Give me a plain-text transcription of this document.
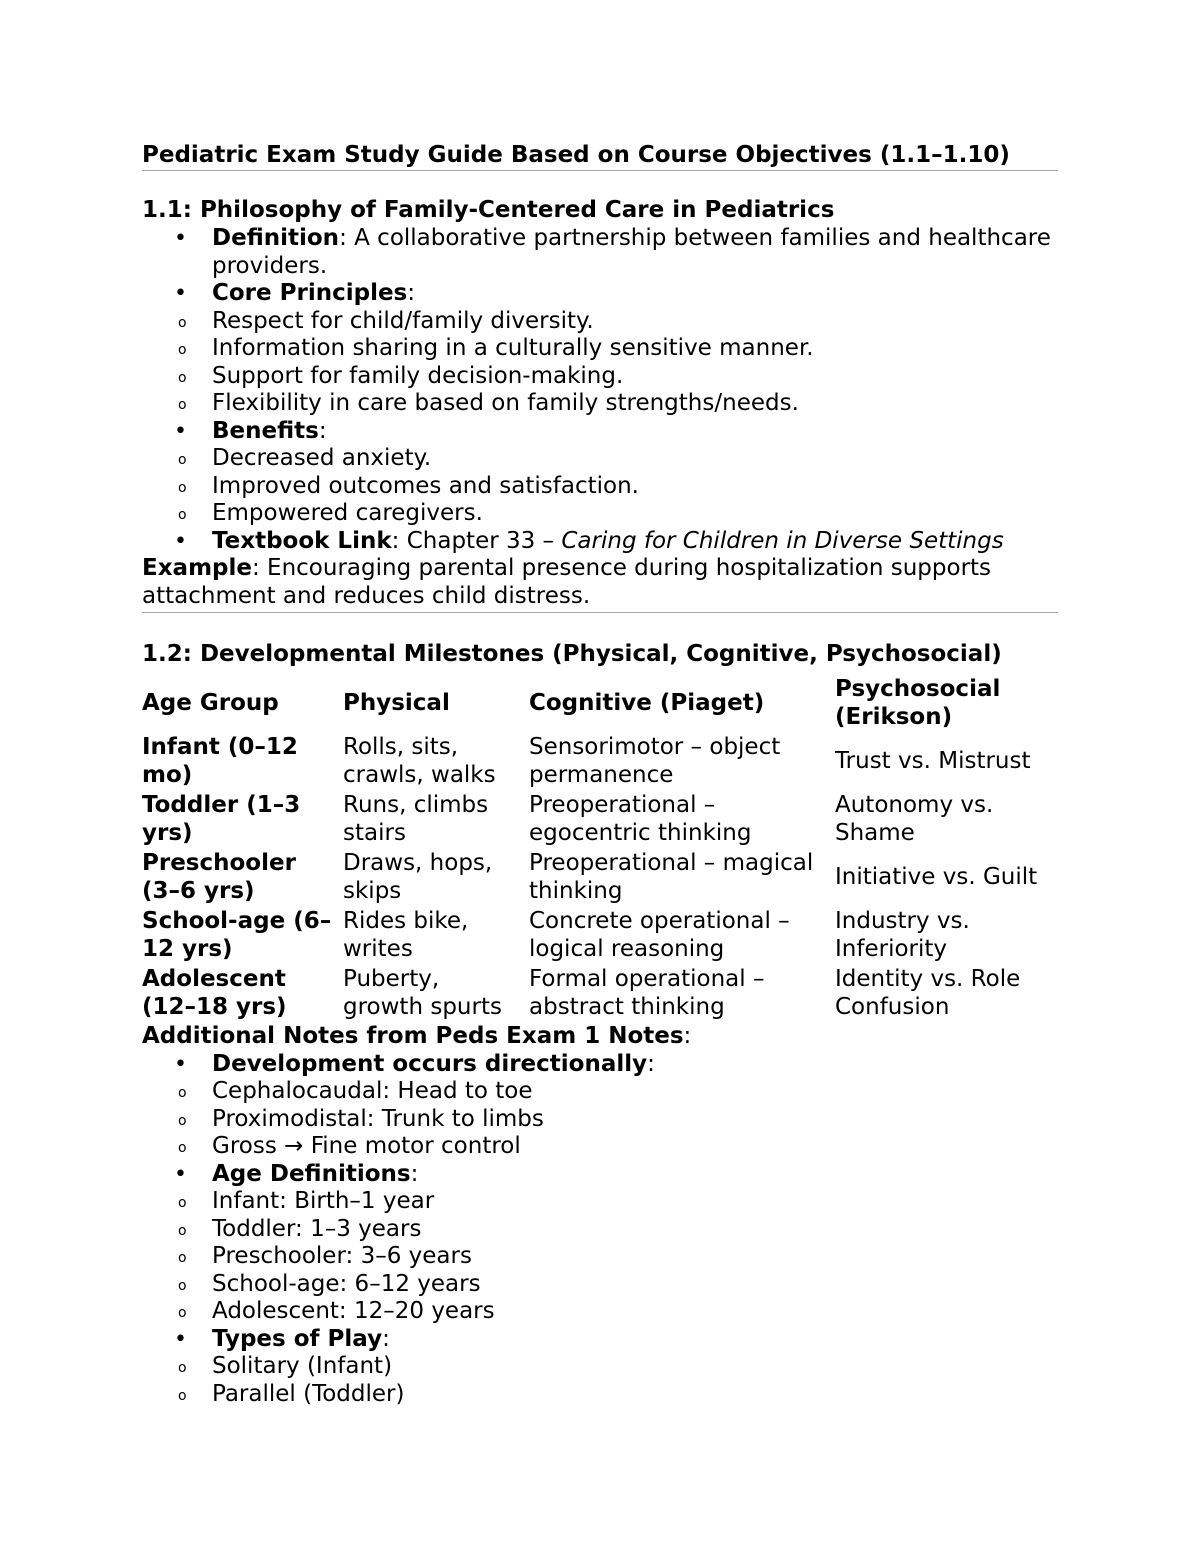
Pediatric Exam Study Guide Based on Course Objectives (1.1–1.10)
1.1: Philosophy of Family-Centered Care in Pediatrics
• Definition: A collaborative partnership between families and healthcare providers.
• Core Principles:
o Respect for child/family diversity.
o Information sharing in a culturally sensitive manner.
o Support for family decision-making.
o Flexibility in care based on family strengths/needs.
• Benefits:
o Decreased anxiety.
o Improved outcomes and satisfaction.
o Empowered caregivers.
• Textbook Link: Chapter 33 – Caring for Children in Diverse Settings

Example: Encouraging parental presence during hospitalization supports attachment and reduces child distress.

1.2: Developmental Milestones (Physical, Cognitive, Psychosocial)
Age Group	Physical	Cognitive (Piaget)	Psychosocial (Erikson)
Infant (0–12 mo)	Rolls, sits, crawls, walks	Sensorimotor – object permanence	Trust vs. Mistrust
Toddler (1–3 yrs)	Runs, climbs stairs	Preoperational – egocentric thinking	Autonomy vs. Shame
Preschooler (3–6 yrs)	Draws, hops, skips	Preoperational – magical thinking	Initiative vs. Guilt
School-age (6–12 yrs)	Rides bike, writes	Concrete operational – logical reasoning	Industry vs. Inferiority
Adolescent (12–18 yrs)	Puberty, growth spurts	Formal operational – abstract thinking	Identity vs. Role Confusion

Additional Notes from Peds Exam 1 Notes:

• Development occurs directionally:
o Cephalocaudal: Head to toe
o Proximodistal: Trunk to limbs
o Gross → Fine motor control
• Age Definitions:
o Infant: Birth–1 year
o Toddler: 1–3 years
o Preschooler: 3–6 years
o School-age: 6–12 years
o Adolescent: 12–20 years
• Types of Play:
o Solitary (Infant)
o Parallel (Toddler)
